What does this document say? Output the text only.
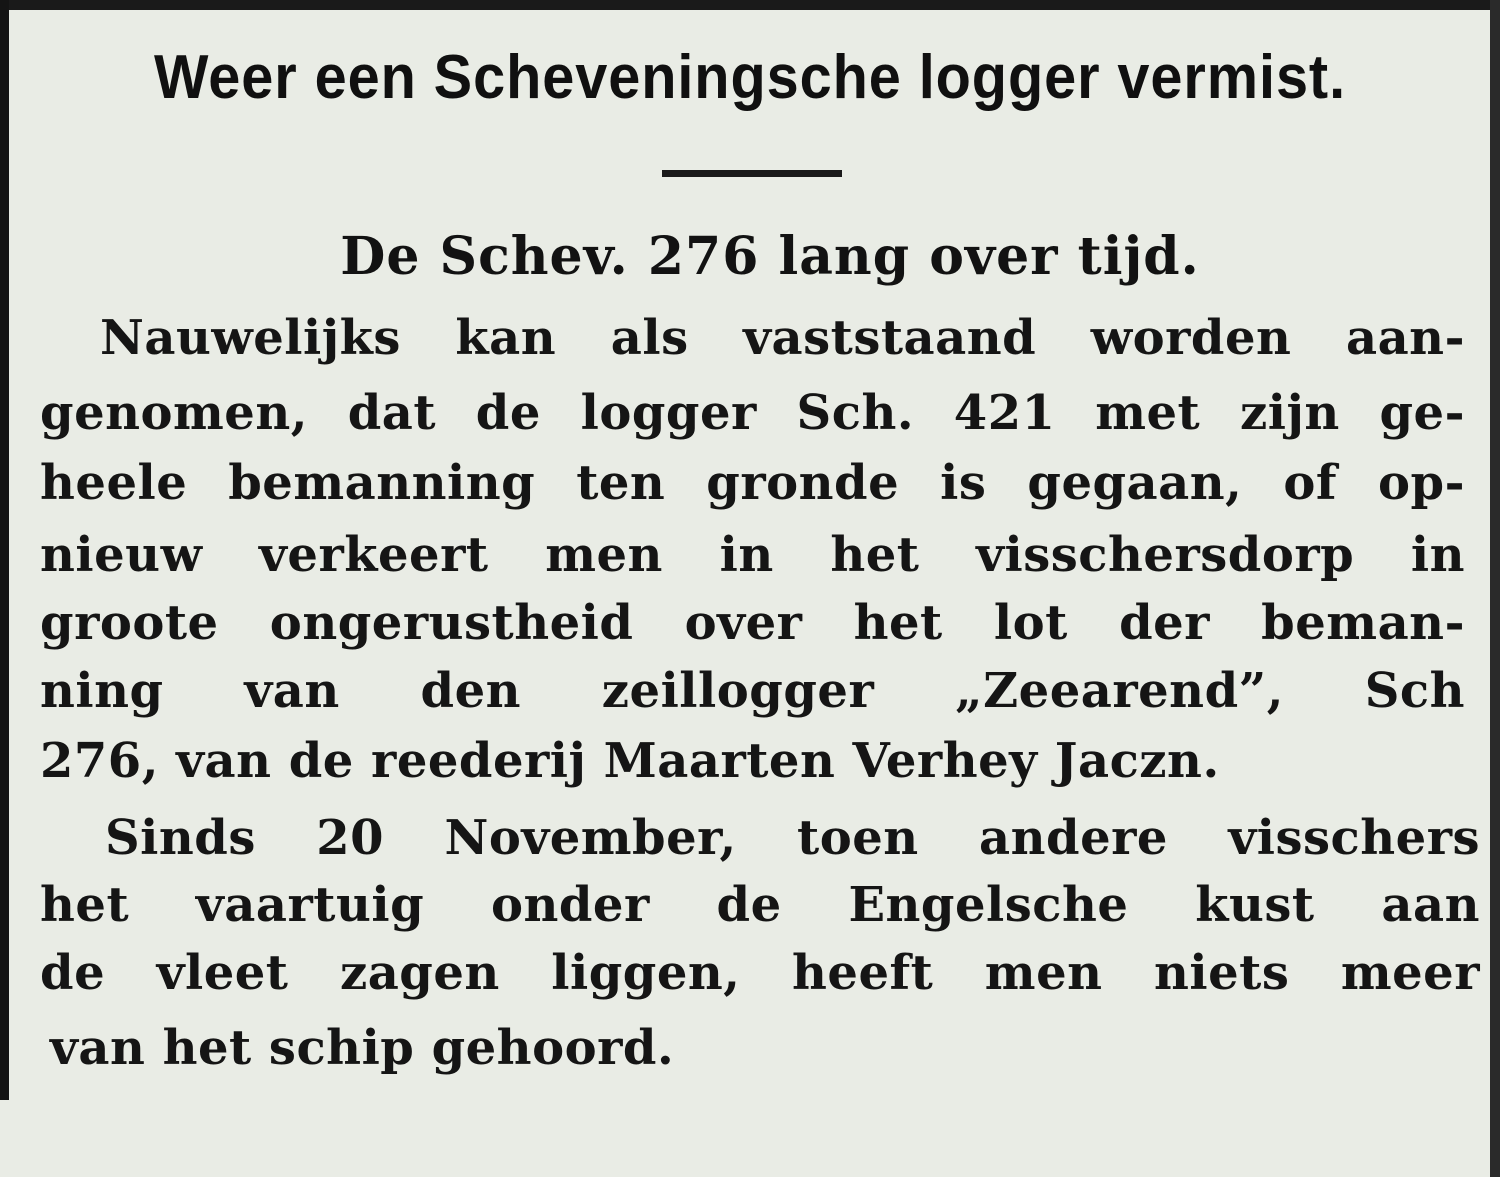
Weer een Scheveningsche logger vermist.
De Schev. 276 lang over tijd.
Nauwelijks kan als vaststaand worden aan-
genomen, dat de logger Sch. 421 met zijn ge-
heele bemanning ten gronde is gegaan, of op-
nieuw verkeert men in het visschersdorp in
groote ongerustheid over het lot der beman-
ning van den zeillogger „Zeearend”, Sch
276, van de reederij Maarten Verhey Jaczn.
Sinds 20 November, toen andere visschers
het vaartuig onder de Engelsche kust aan
de vleet zagen liggen, heeft men niets meer
van het schip gehoord.
